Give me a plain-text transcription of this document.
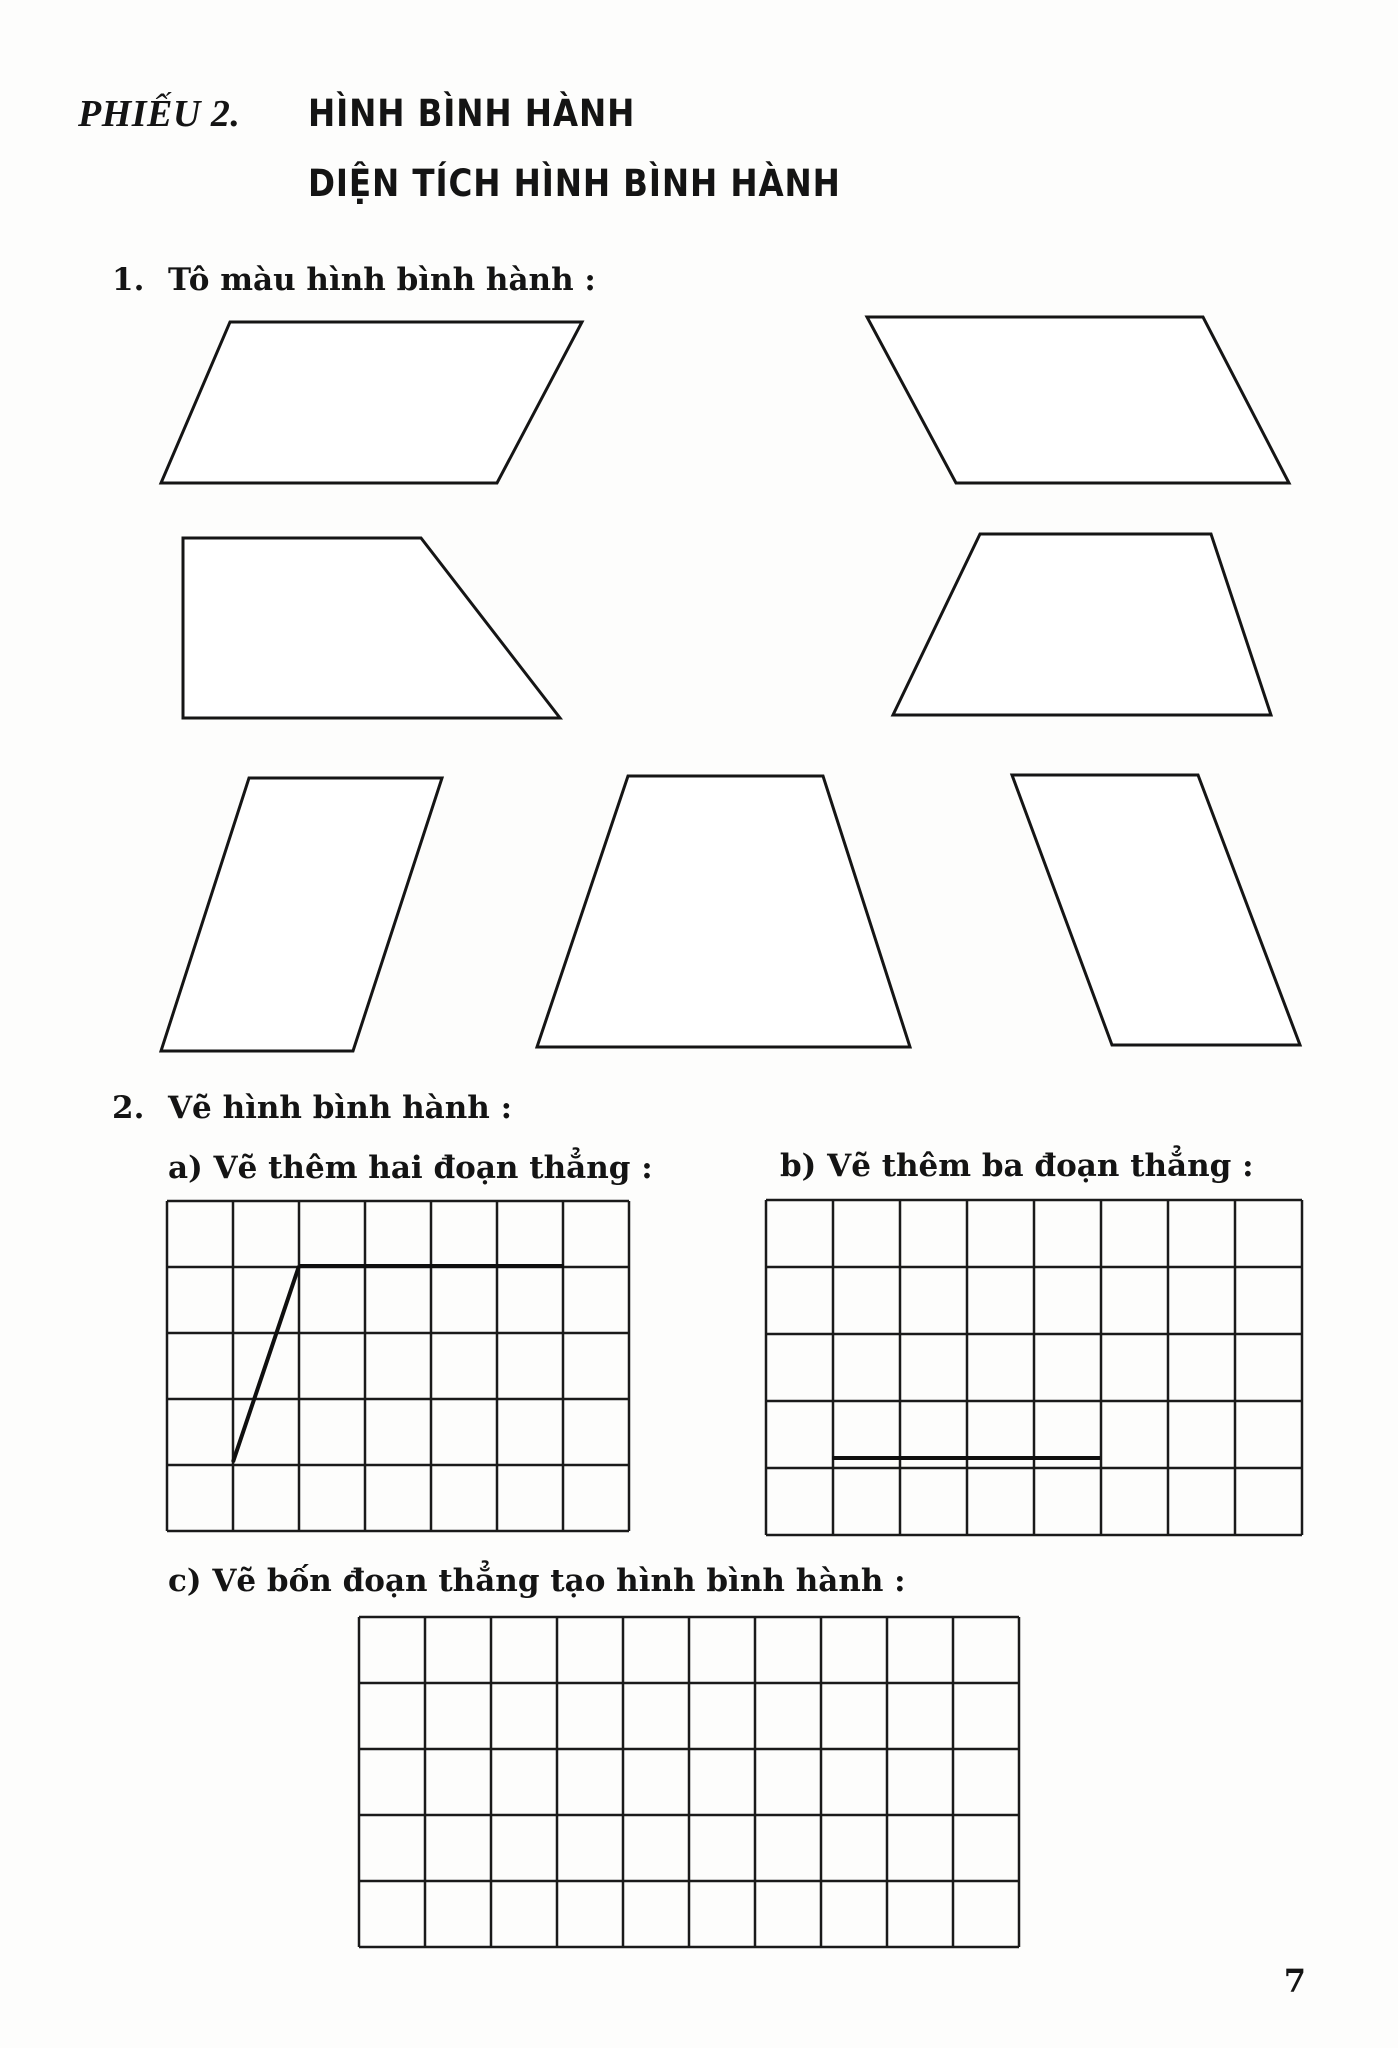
PHIẾU 2. HÌNH BÌNH HÀNH
DIỆN TÍCH HÌNH BÌNH HÀNH
1. Tô màu hình bình hành :
2. Vẽ hình bình hành :
a) Vẽ thêm hai đoạn thẳng :	b) Vẽ thêm ba đoạn thẳng :
c) Vẽ bốn đoạn thẳng tạo hình bình hành :
7
